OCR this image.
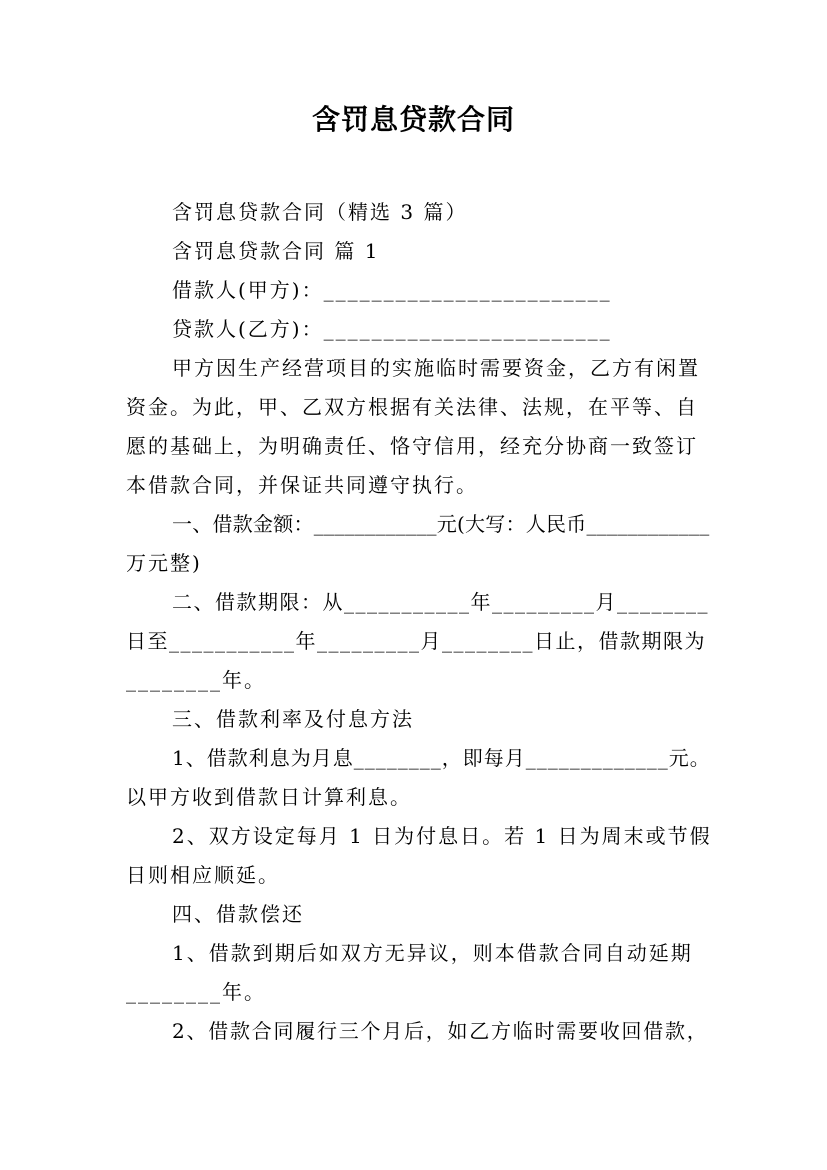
含罚息贷款合同
含罚息贷款合同（精选 3 篇）
含罚息贷款合同 篇 1
借款人(甲方)：________________________
贷款人(乙方)：________________________
甲方因生产经营项目的实施临时需要资金，乙方有闲置
资金。为此，甲、乙双方根据有关法律、法规，在平等、自
愿的基础上，为明确责任、恪守信用，经充分协商一致签订
本借款合同，并保证共同遵守执行。
一、借款金额：____________元(大写：人民币____________
万元整)
二、借款期限：从___________年_________月________
日至___________年_________月________日止，借款期限为
________年。
三、借款利率及付息方法
1、借款利息为月息________，即每月_____________元。
以甲方收到借款日计算利息。
2、双方设定每月 1 日为付息日。若 1 日为周末或节假
日则相应顺延。
四、借款偿还
1、借款到期后如双方无异议，则本借款合同自动延期
________年。
2、借款合同履行三个月后，如乙方临时需要收回借款，
